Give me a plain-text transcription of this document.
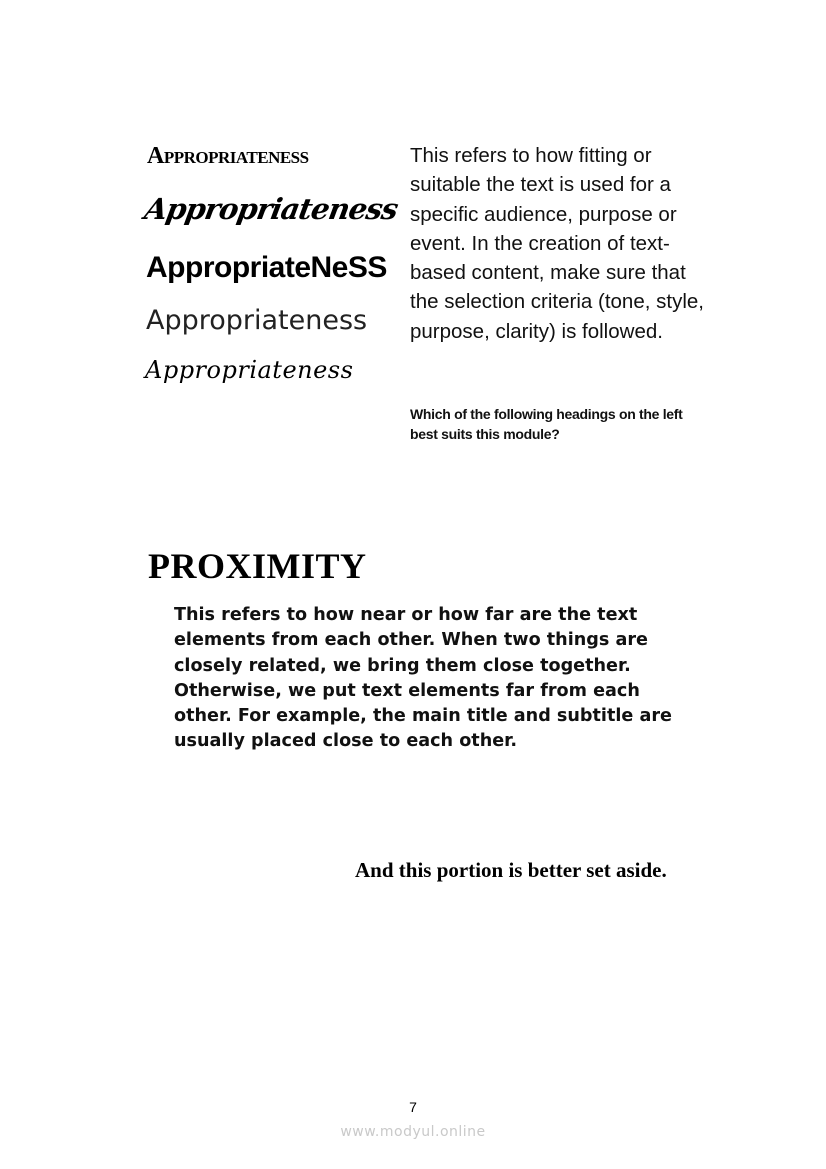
Appropriateness
Appropriateness
AppropriateNeSS
Appropriateness
Appropriateness
This refers to how fitting or suitable the text is used for a specific audience, purpose or event. In the creation of text-based content, make sure that the selection criteria (tone, style, purpose, clarity) is followed.
Which of the following headings on the left best suits this module?
PROXIMITY
This refers to how near or how far are the text elements from each other. When two things are closely related, we bring them close together. Otherwise, we put text elements far from each other. For example, the main title and subtitle are usually placed close to each other.
And this portion is better set aside.
7
www.modyul.online
